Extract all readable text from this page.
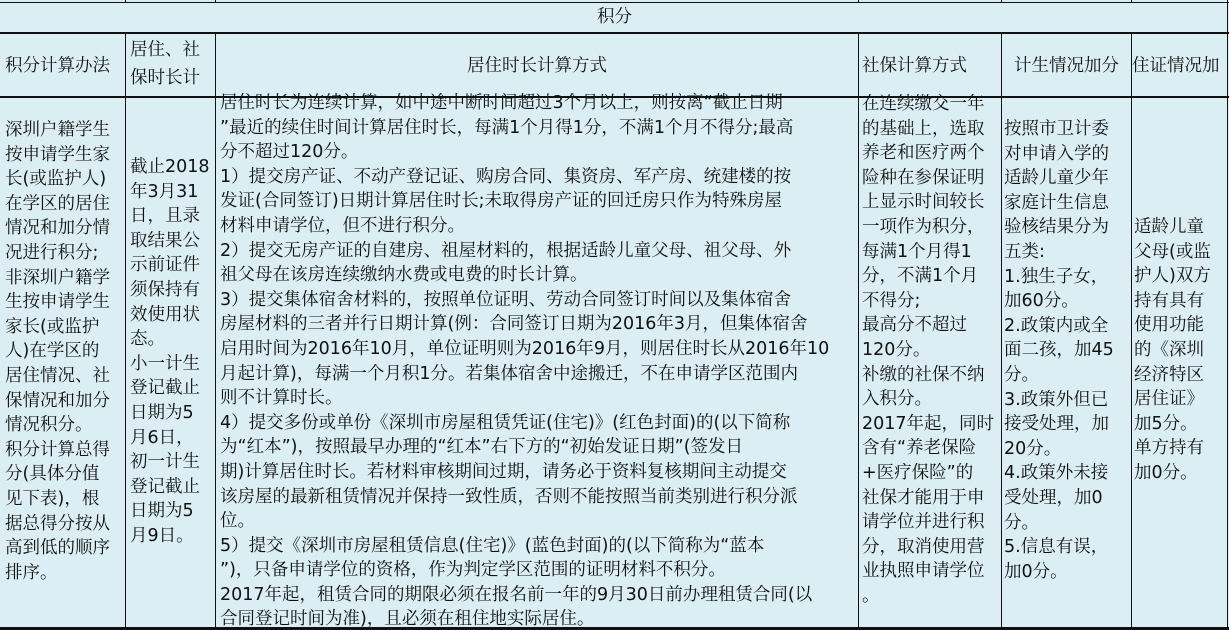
积分
积分计算办法
居住、社
保时长计
居住时长计算方式	社保计算方式	计生情况加分 住证情况加
深圳户籍学生
按申请学生家
长(或监护人)
在学区的居住
情况和加分情
况进行积分;
非深圳户籍学
生按申请学生
家长(或监护
人)在学区的
居住情况、社
保情况和加分
情况积分。
积分计算总得
分(具体分值
见下表)，根
据总得分按从
高到低的顺序
排序。
截止2018
年3月31
日，且录
取结果公
示前证件
须保持有
效使用状
态。
小一计生
登记截止
日期为5
月6日，
初一计生
登记截止
日期为5
月9日。
居住时长为连续计算，如中途中断时间超过3个月以上，则按离“截止日期
”最近的续住时间计算居住时长，每满1个月得1分，不满1个月不得分;最高
分不超过120分。
1）提交房产证、不动产登记证、购房合同、集资房、军产房、统建楼的按
发证(合同签订)日期计算居住时长;未取得房产证的回迁房只作为特殊房屋
材料申请学位，但不进行积分。
2）提交无房产证的自建房、祖屋材料的，根据适龄儿童父母、祖父母、外
祖父母在该房连续缴纳水费或电费的时长计算。
3）提交集体宿舍材料的，按照单位证明、劳动合同签订时间以及集体宿舍
房屋材料的三者并行日期计算(例：合同签订日期为2016年3月，但集体宿舍
启用时间为2016年10月，单位证明则为2016年9月，则居住时长从2016年10
月起计算)，每满一个月积1分。若集体宿舍中途搬迁，不在申请学区范围内
则不计算时长。
4）提交多份或单份《深圳市房屋租赁凭证(住宅)》(红色封面)的(以下简称
为“红本”)，按照最早办理的“红本”右下方的“初始发证日期”(签发日
期)计算居住时长。若材料审核期间过期，请务必于资料复核期间主动提交
该房屋的最新租赁情况并保持一致性质，否则不能按照当前类别进行积分派
位。
5）提交《深圳市房屋租赁信息(住宅)》(蓝色封面)的(以下简称为“蓝本
”)，只备申请学位的资格，作为判定学区范围的证明材料不积分。
2017年起，租赁合同的期限必须在报名前一年的9月30日前办理租赁合同(以
合同登记时间为准)，且必须在租住地实际居住。
在连续缴交一年
的基础上，选取
养老和医疗两个
险种在参保证明
上显示时间较长
一项作为积分，
每满1个月得1
分，不满1个月
不得分;
最高分不超过
120分。
补缴的社保不纳
入积分。
2017年起，同时
含有“养老保险
+医疗保险”的
社保才能用于申
请学位并进行积
分，取消使用营
业执照申请学位
。
按照市卫计委
对申请入学的
适龄儿童少年
家庭计生信息
验核结果分为
五类:
1.独生子女，
加60分。
2.政策内或全
面二孩，加45
分。
3.政策外但已
接受处理，加
20分。
4.政策外未接
受处理，加0
分。
5.信息有误，
加0分。
适龄儿童
父母(或监
护人)双方
持有具有
使用功能
的《深圳
经济特区
居住证》
加5分。
单方持有
加0分。
